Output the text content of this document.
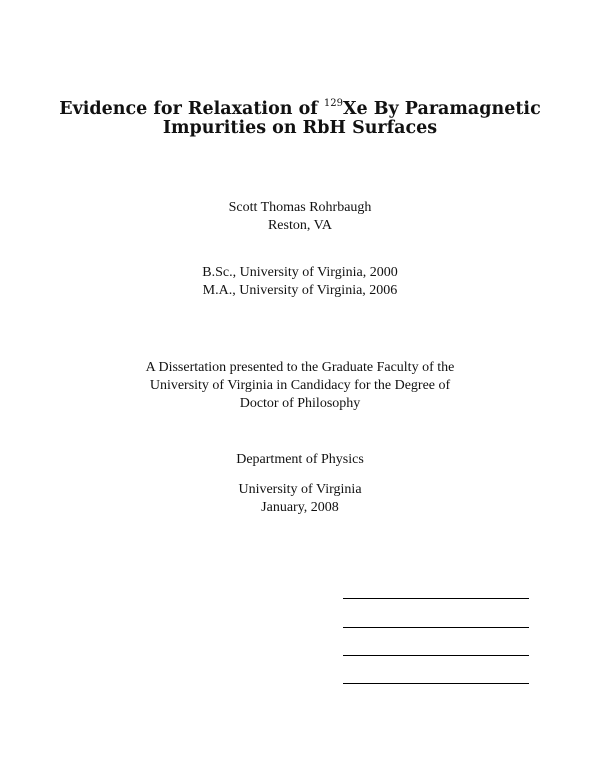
Evidence for Relaxation of $^{129}$Xe By Paramagnetic
Impurities on RbH Surfaces
Scott Thomas Rohrbaugh
Reston, VA
B.Sc., University of Virginia, 2000
M.A., University of Virginia, 2006
A Dissertation presented to the Graduate Faculty of the
University of Virginia in Candidacy for the Degree of
Doctor of Philosophy
Department of Physics
University of Virginia
January, 2008
